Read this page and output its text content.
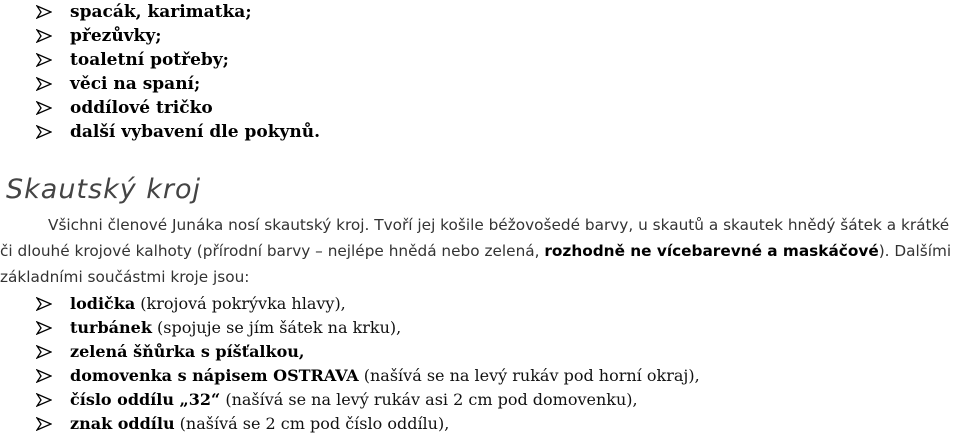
spacák, karimatka;
přezůvky;
toaletní potřeby;
věci na spaní;
oddílové tričko
další vybavení dle pokynů.
Skautský kroj
Všichni členové Junáka nosí skautský kroj. Tvoří jej košile béžovošedé barvy, u skautů a skautek hnědý šátek a krátké či dlouhé krojové kalhoty (přírodní barvy – nejlépe hnědá nebo zelená, rozhodně ne vícebarevné a maskáčové). Dalšími základními součástmi kroje jsou:
lodička (krojová pokrývka hlavy),
turbánek (spojuje se jím šátek na krku),
zelená šňůrka s píšťalkou,
domovenka s nápisem OSTRAVA (našívá se na levý rukáv pod horní okraj),
číslo oddílu „32“ (našívá se na levý rukáv asi 2 cm pod domovenku),
znak oddílu (našívá se 2 cm pod číslo oddílu),
